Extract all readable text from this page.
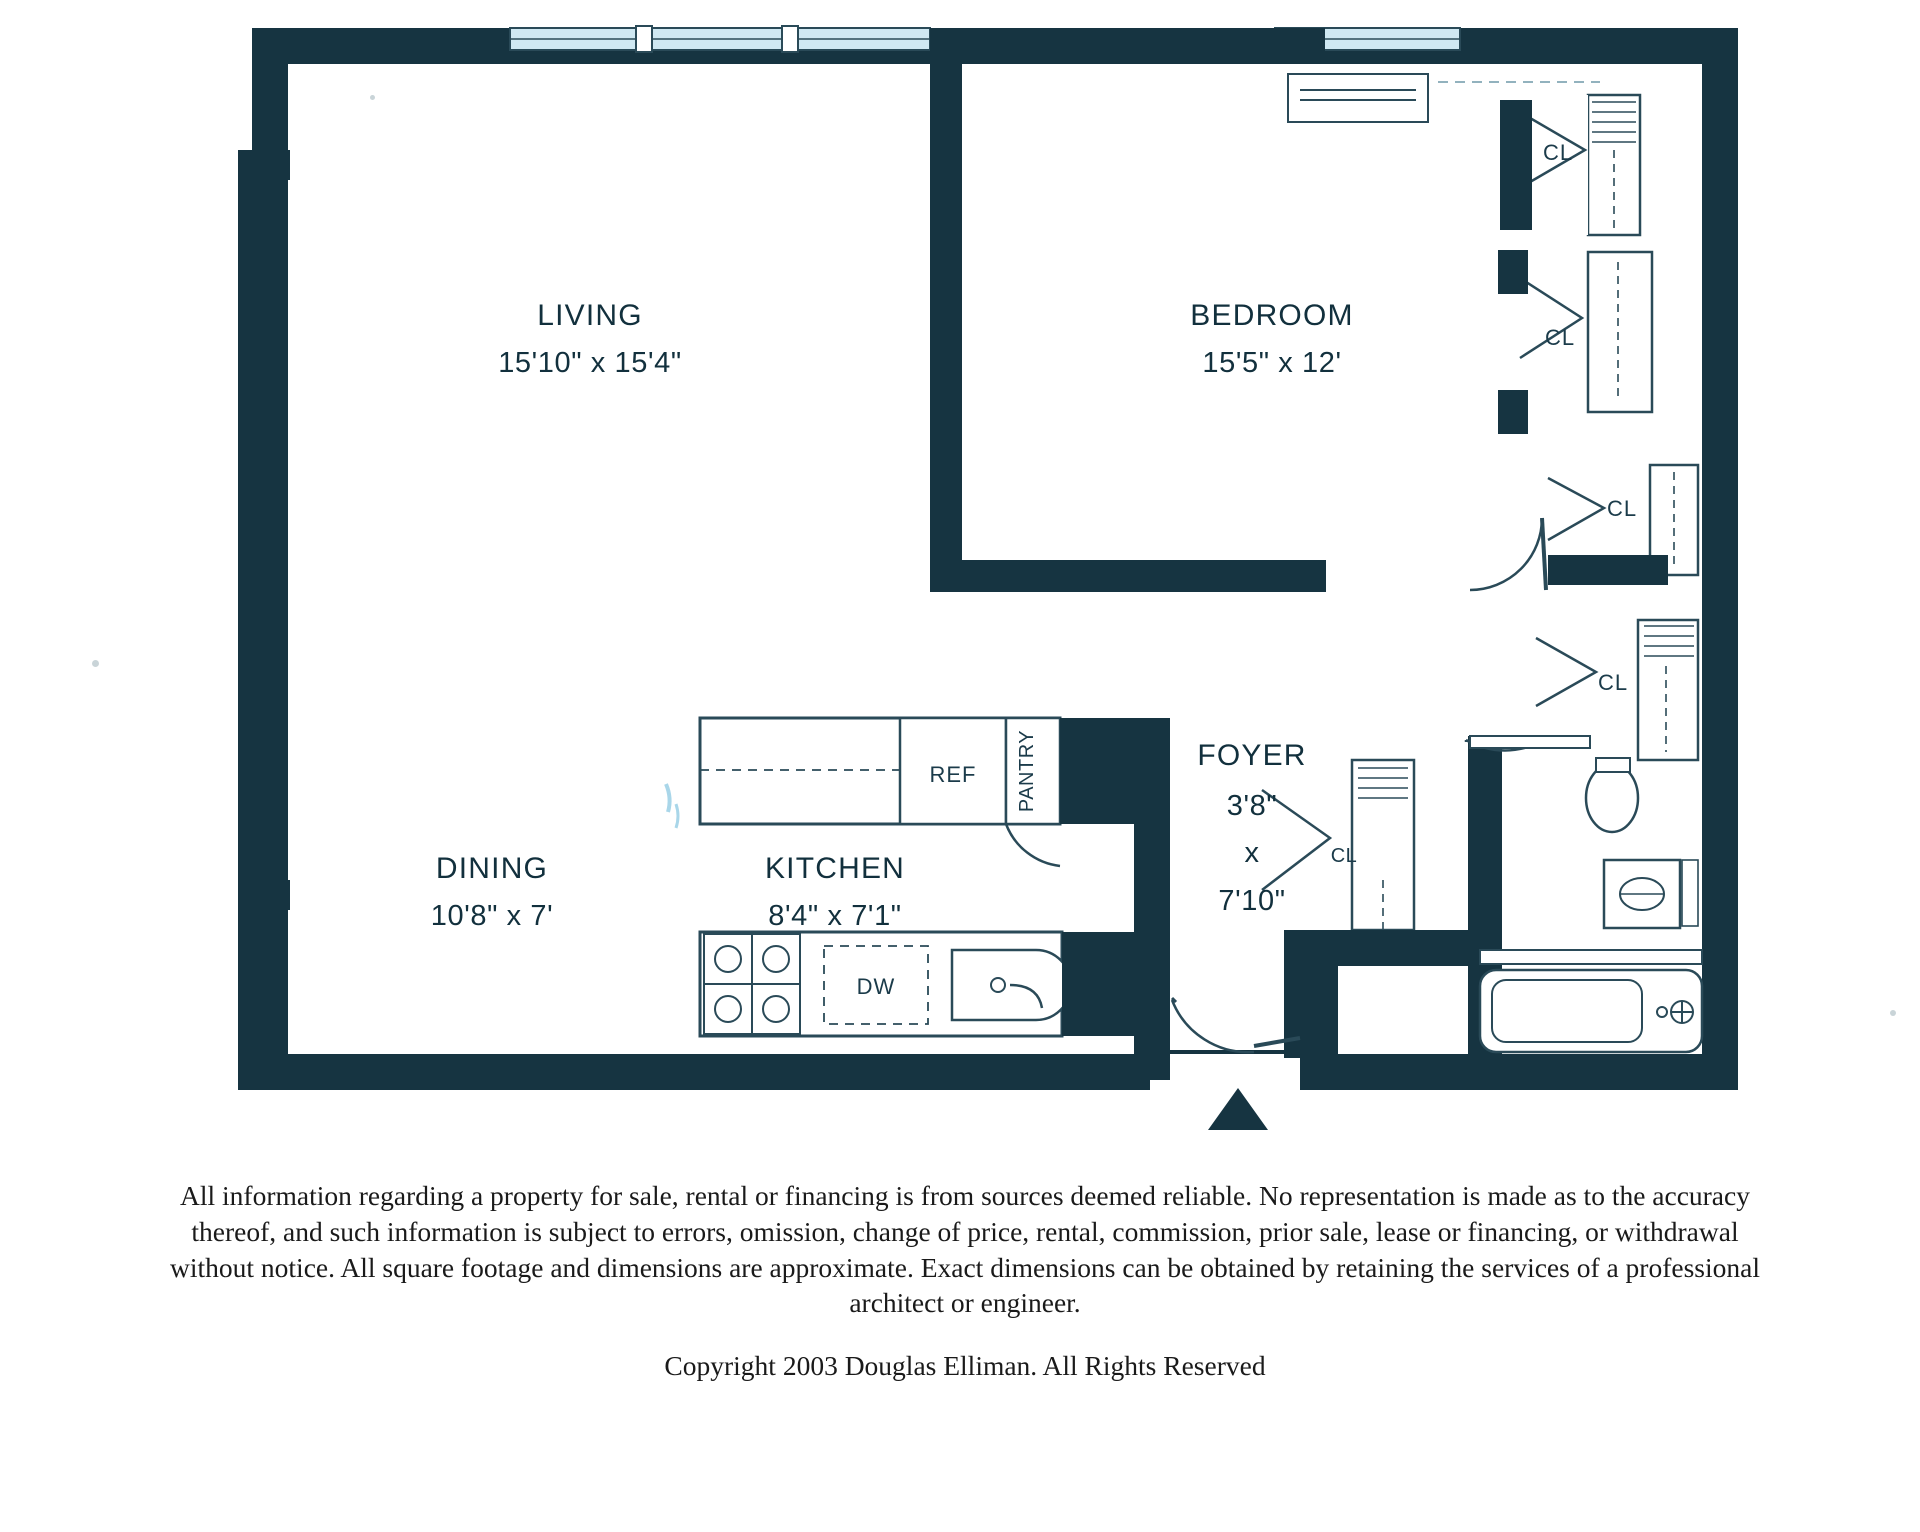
CL
CL
CL
CL
CL
REF PANTRY
DW
LIVING
15'10" x 15'4"
BEDROOM
15'5" x 12'
DINING
10'8" x 7'
KITCHEN
8'4" x 7'1"
FOYER
3'8"
x
7'10"
All information regarding a property for sale, rental or financing is from sources deemed reliable. No representation is made as to the accuracy thereof, and such information is subject to errors, omission, change of price, rental, commission, prior sale, lease or financing, or withdrawal without notice. All square footage and dimensions are approximate. Exact dimensions can be obtained by retaining the services of a professional architect or engineer.
Copyright 2003 Douglas Elliman. All Rights Reserved
